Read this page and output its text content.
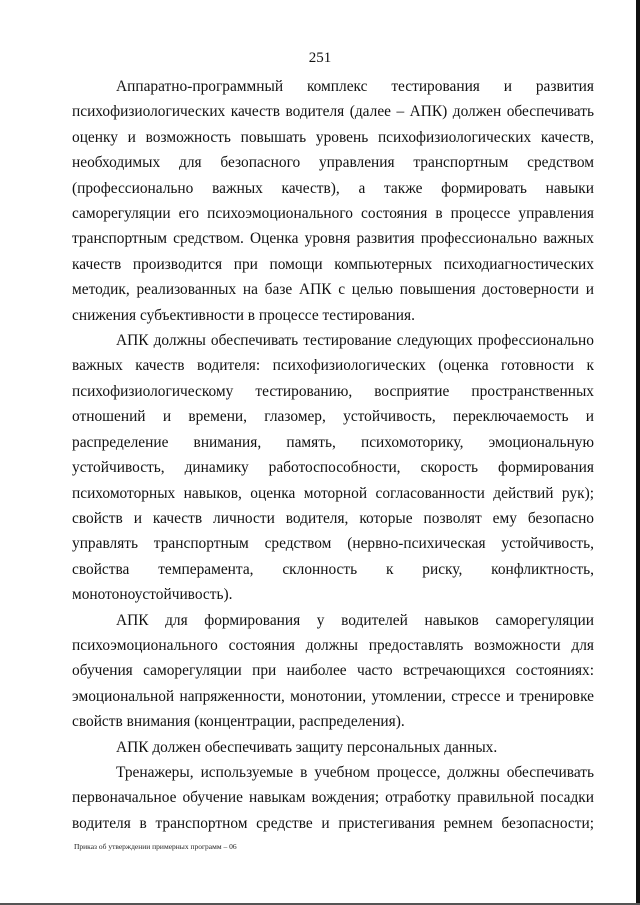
251

Аппаратно-программный комплекс тестирования и развития психофизиологических качеств водителя (далее – АПК) должен обеспечивать оценку и возможность повышать уровень психофизиологических качеств, необходимых для безопасного управления транспортным средством (профессионально важных качеств), а также формировать навыки саморегуляции его психоэмоционального состояния в процессе управления транспортным средством. Оценка уровня развития профессионально важных качеств производится при помощи компьютерных психодиагностических методик, реализованных на базе АПК с целью повышения достоверности и снижения субъективности в процессе тестирования.

АПК должны обеспечивать тестирование следующих профессионально важных качеств водителя: психофизиологических (оценка готовности к психофизиологическому тестированию, восприятие пространственных отношений и времени, глазомер, устойчивость, переключаемость и распределение внимания, память, психомоторику, эмоциональную устойчивость, динамику работоспособности, скорость формирования психомоторных навыков, оценка моторной согласованности действий рук); свойств и качеств личности водителя, которые позволят ему безопасно управлять транспортным средством (нервно-психическая устойчивость, свойства темперамента, склонность к риску, конфликтность, монотоноустойчивость).

АПК для формирования у водителей навыков саморегуляции психоэмоционального состояния должны предоставлять возможности для обучения саморегуляции при наиболее часто встречающихся состояниях: эмоциональной напряженности, монотонии, утомлении, стрессе и тренировке свойств внимания (концентрации, распределения).

АПК должен обеспечивать защиту персональных данных.

Тренажеры, используемые в учебном процессе, должны обеспечивать первоначальное обучение навыкам вождения; отработку правильной посадки водителя в транспортном средстве и пристегивания ремнем безопасности;

Приказ об утверждении примерных программ – 06
